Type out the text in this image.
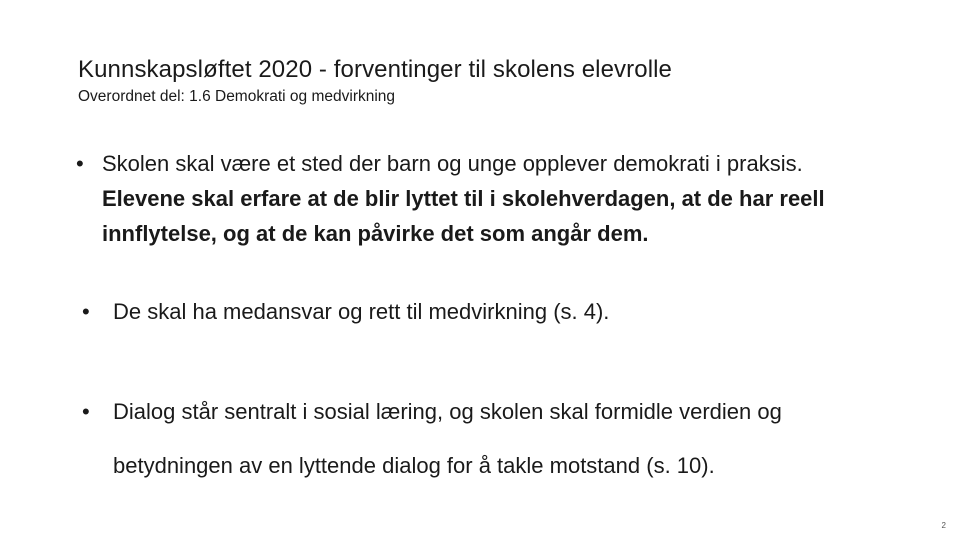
Kunnskapsløftet 2020 - forventinger til skolens elevrolle
Overordnet del: 1.6 Demokrati og medvirkning
• Skolen skal være et sted der barn og unge opplever demokrati i praksis. Elevene skal erfare at de blir lyttet til i skolehverdagen, at de har reell innflytelse, og at de kan påvirke det som angår dem.
•	De skal ha medansvar og rett til medvirkning (s. 4).
•	Dialog står sentralt i sosial læring, og skolen skal formidle verdien og
betydningen av en lyttende dialog for å takle motstand (s. 10).
2
